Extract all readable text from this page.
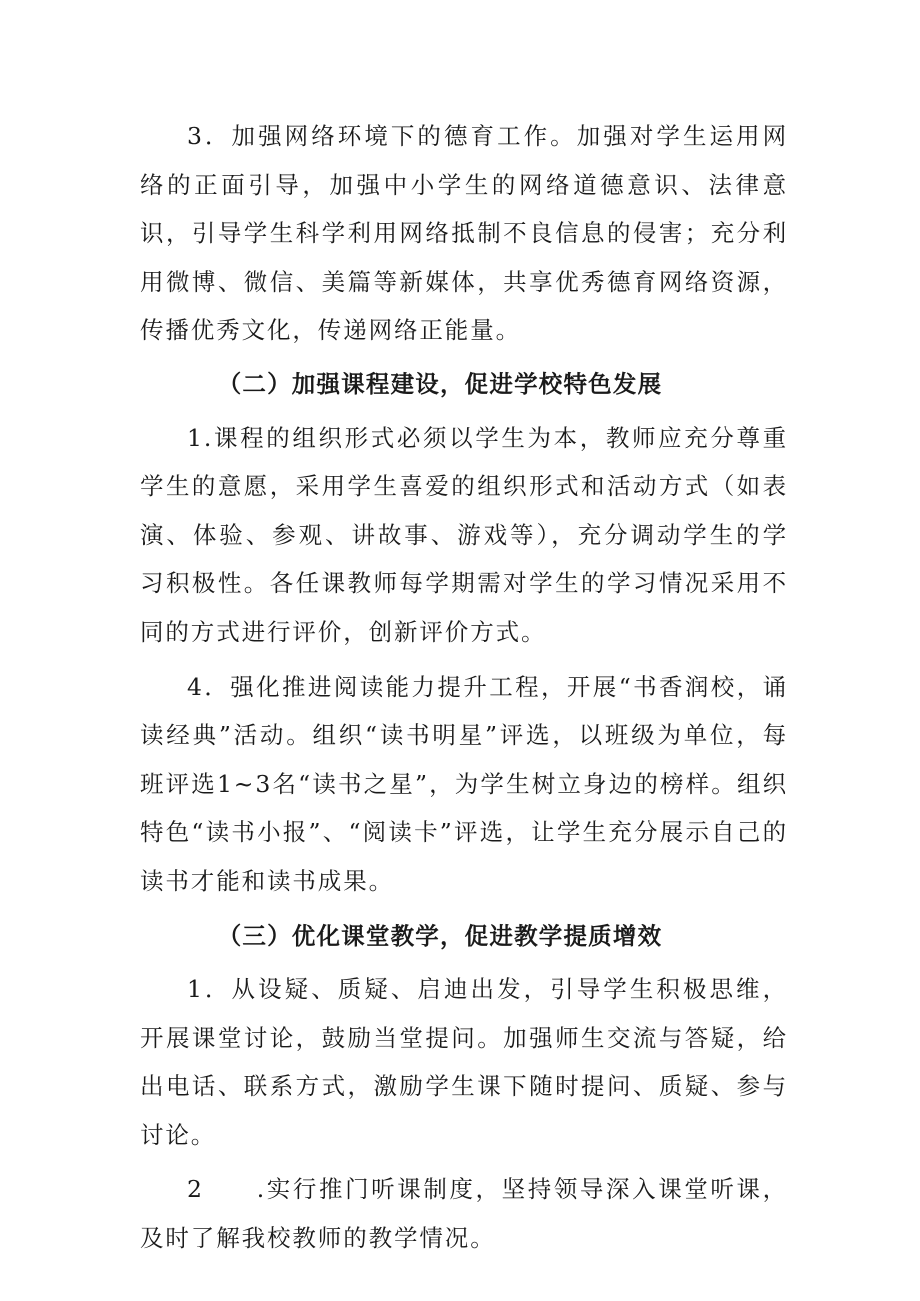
3．加强网络环境下的德育工作。加强对学生运用网络的正面引导，加强中小学生的网络道德意识、法律意识，引导学生科学利用网络抵制不良信息的侵害；充分利用微博、微信、美篇等新媒体，共享优秀德育网络资源，传播优秀文化，传递网络正能量。

（二）加强课程建设，促进学校特色发展

1.课程的组织形式必须以学生为本，教师应充分尊重学生的意愿，采用学生喜爱的组织形式和活动方式（如表演、体验、参观、讲故事、游戏等），充分调动学生的学习积极性。各任课教师每学期需对学生的学习情况采用不同的方式进行评价，创新评价方式。

4．强化推进阅读能力提升工程，开展“书香润校，诵读经典”活动。组织“读书明星”评选，以班级为单位，每班评选1~3名“读书之星”，为学生树立身边的榜样。组织特色“读书小报”、“阅读卡”评选，让学生充分展示自己的读书才能和读书成果。

（三）优化课堂教学，促进教学提质增效

1．从设疑、质疑、启迪出发，引导学生积极思维，开展课堂讨论，鼓励当堂提问。加强师生交流与答疑，给出电话、联系方式，激励学生课下随时提问、质疑、参与讨论。

2　　.实行推门听课制度，坚持领导深入课堂听课，及时了解我校教师的教学情况。
